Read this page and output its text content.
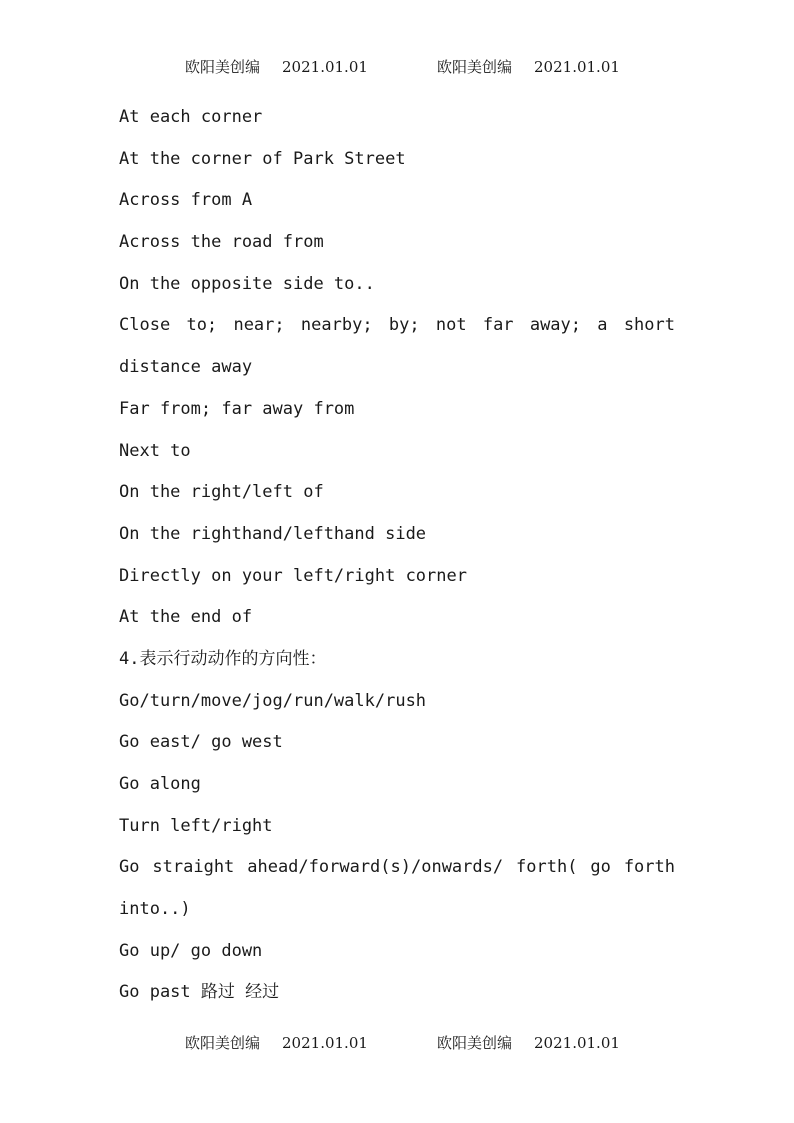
欧阳美创编 2021.01.01	欧阳美创编 2021.01.01
At each corner
At the corner of Park Street
Across from A
Across the road from
On the opposite side to..
Close to; near; nearby; by; not far away; a short
distance away
Far from; far away from
Next to
On the right/left of
On the righthand/lefthand side
Directly on your left/right corner
At the end of
4.表示行动动作的方向性：
Go/turn/move/jog/run/walk/rush
Go east/ go west
Go along
Turn left/right
Go straight ahead/forward(s)/onwards/ forth( go forth
into..)
Go up/ go down
Go past 路过 经过
欧阳美创编 2021.01.01	欧阳美创编 2021.01.01
